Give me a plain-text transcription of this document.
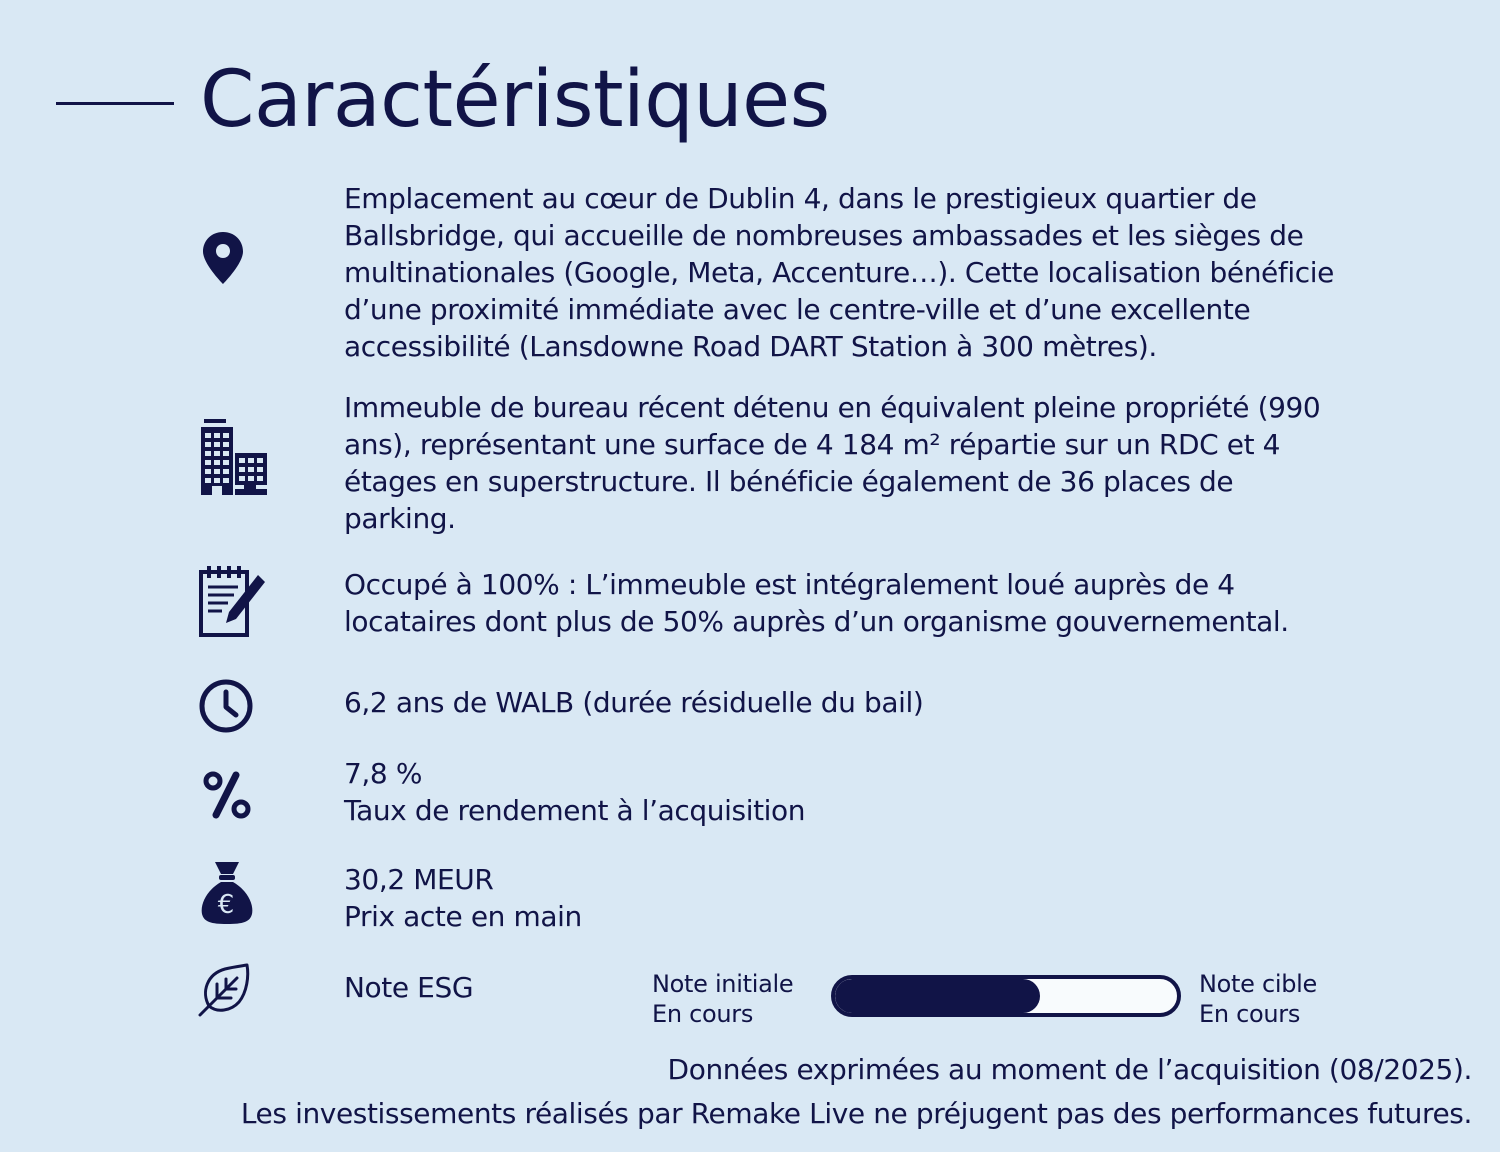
Caractéristiques
Emplacement au cœur de Dublin 4, dans le prestigieux quartier de
Ballsbridge, qui accueille de nombreuses ambassades et les sièges de
multinationales (Google, Meta, Accenture…). Cette localisation bénéficie
d’une proximité immédiate avec le centre-ville et d’une excellente
accessibilité (Lansdowne Road DART Station à 300 mètres).
Immeuble de bureau récent détenu en équivalent pleine propriété (990
ans), représentant une surface de 4 184 m² répartie sur un RDC et 4
étages en superstructure. Il bénéficie également de 36 places de
parking.
Occupé à 100% : L’immeuble est intégralement loué auprès de 4
locataires dont plus de 50% auprès d’un organisme gouvernemental.
6,2 ans de WALB (durée résiduelle du bail)
7,8 %
Taux de rendement à l’acquisition
€
30,2 MEUR
Prix acte en main
Note ESG	Note initiale
En cours
Note cible
En cours
Données exprimées au moment de l’acquisition (08/2025).
Les investissements réalisés par Remake Live ne préjugent pas des performances futures.
